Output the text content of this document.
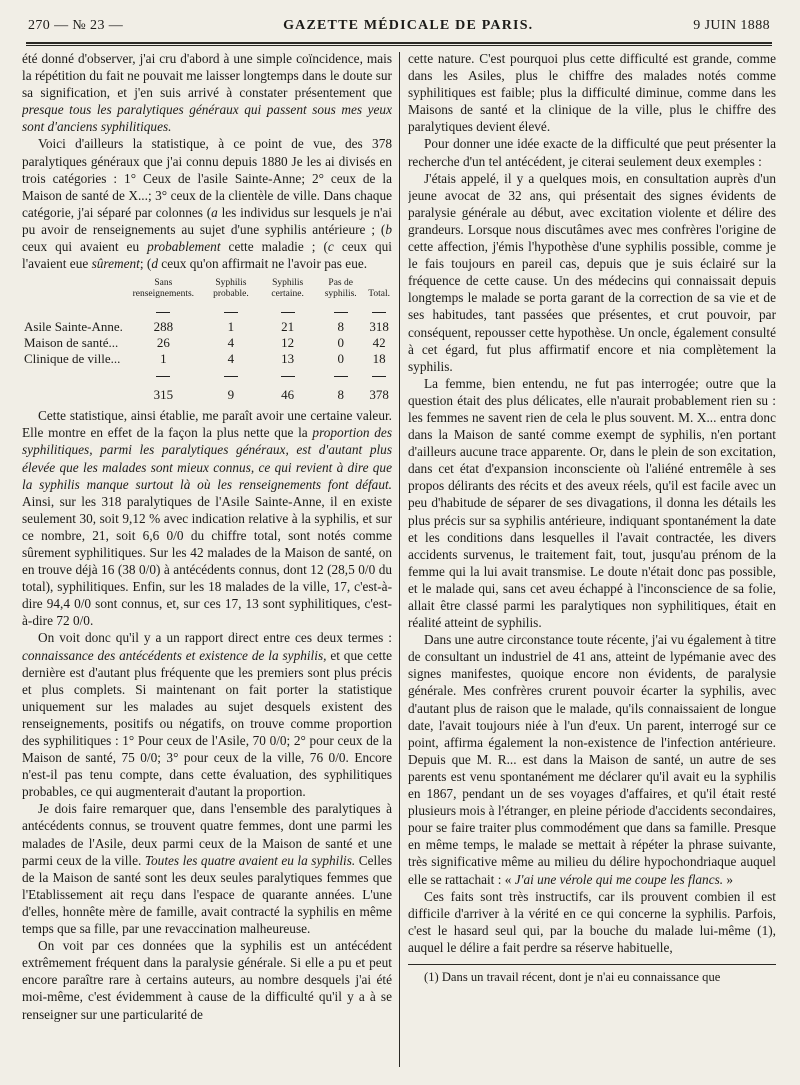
270 — № 23 —	GAZETTE MÉDICALE DE PARIS.	9 JUIN 1888

été donné d'observer, j'ai cru d'abord à une simple coïncidence, mais la répétition du fait ne pouvait me laisser longtemps dans le doute sur sa signification, et j'en suis arrivé à constater présentement que presque tous les paralytiques généraux qui passent sous mes yeux sont d'anciens syphilitiques.

Voici d'ailleurs la statistique, à ce point de vue, des 378 paralytiques généraux que j'ai connu depuis 1880 Je les ai divisés en trois catégories : 1° Ceux de l'asile Sainte-Anne; 2° ceux de la Maison de santé de X...; 3° ceux de la clientèle de ville. Dans chaque catégorie, j'ai séparé par colonnes (a les individus sur lesquels je n'ai pu avoir de renseignements au sujet d'une syphilis antérieure ; (b ceux qui avaient eu probablement cette maladie ; (c ceux qui l'avaient eue sûrement; (d ceux qu'on affirmait ne l'avoir pas eue.

	Sans renseignements.	Syphilis probable.	Syphilis certaine.	Pas de syphilis.	Total.

Asile Sainte-Anne.	288	1	21	8	318
Maison de santé...	26	4	12	0	42
Clinique de ville...	1	4	13	0	18

	315	9	46	8	378

Cette statistique, ainsi établie, me paraît avoir une certaine valeur. Elle montre en effet de la façon la plus nette que la proportion des syphilitiques, parmi les paralytiques généraux, est d'autant plus élevée que les malades sont mieux connus, ce qui revient à dire que la syphilis manque surtout là où les renseignements font défaut. Ainsi, sur les 318 paralytiques de l'Asile Sainte-Anne, il en existe seulement 30, soit 9,12 % avec indication relative à la syphilis, et sur ce nombre, 21, soit 6,6 0/0 du chiffre total, sont notés comme sûrement syphilitiques. Sur les 42 malades de la Maison de santé, on en trouve déjà 16 (38 0/0) à antécédents connus, dont 12 (28,5 0/0 du total), syphilitiques. Enfin, sur les 18 malades de la ville, 17, c'est-à-dire 94,4 0/0 sont connus, et, sur ces 17, 13 sont syphilitiques, c'est-à-dire 72 0/0.

On voit donc qu'il y a un rapport direct entre ces deux termes : connaissance des antécédents et existence de la syphilis, et que cette dernière est d'autant plus fréquente que les premiers sont plus précis et plus complets. Si maintenant on fait porter la statistique uniquement sur les malades au sujet desquels existent des renseignements, positifs ou négatifs, on trouve comme proportion des syphilitiques : 1° Pour ceux de l'Asile, 70 0/0; 2° pour ceux de la Maison de santé, 75 0/0; 3° pour ceux de la ville, 76 0/0. Encore n'est-il pas tenu compte, dans cette évaluation, des syphilitiques probables, ce qui augmenterait d'autant la proportion.

Je dois faire remarquer que, dans l'ensemble des paralytiques à antécédents connus, se trouvent quatre femmes, dont une parmi les malades de l'Asile, deux parmi ceux de la Maison de santé et une parmi ceux de la ville. Toutes les quatre avaient eu la syphilis. Celles de la Maison de santé sont les deux seules paralytiques femmes que l'Etablissement ait reçu dans l'espace de quarante années. L'une d'elles, honnête mère de famille, avait contracté la syphilis en même temps que sa fille, par une revaccination malheureuse.

On voit par ces données que la syphilis est un antécédent extrêmement fréquent dans la paralysie générale. Si elle a pu et peut encore paraître rare à certains auteurs, au nombre desquels j'ai été moi-même, c'est évidemment à cause de la difficulté qu'il y a à se renseigner sur une particularité de

cette nature. C'est pourquoi plus cette difficulté est grande, comme dans les Asiles, plus le chiffre des malades notés comme syphilitiques est faible; plus la difficulté diminue, comme dans les Maisons de santé et la clinique de la ville, plus le chiffre des paralytiques devient élevé.

Pour donner une idée exacte de la difficulté que peut présenter la recherche d'un tel antécédent, je citerai seulement deux exemples :

J'étais appelé, il y a quelques mois, en consultation auprès d'un jeune avocat de 32 ans, qui présentait des signes évidents de paralysie générale au début, avec excitation violente et délire des grandeurs. Lorsque nous discutâmes avec mes confrères l'origine de cette affection, j'émis l'hypothèse d'une syphilis possible, comme je le fais toujours en pareil cas, depuis que je suis éclairé sur la fréquence de cette cause. Un des médecins qui connaissait depuis longtemps le malade se porta garant de la correction de sa vie et de ses habitudes, tant passées que présentes, et crut pouvoir, par conséquent, repousser cette hypothèse. Un oncle, également consulté à cet égard, fut plus affirmatif encore et nia complètement la syphilis.

La femme, bien entendu, ne fut pas interrogée; outre que la question était des plus délicates, elle n'aurait probablement rien su : les femmes ne savent rien de cela le plus souvent. M. X... entra donc dans la Maison de santé comme exempt de syphilis, n'en portant d'ailleurs aucune trace apparente. Or, dans le plein de son excitation, dans cet état d'expansion inconsciente où l'aliéné entremêle à ses propos délirants des récits et des aveux réels, qu'il est facile avec un peu d'habitude de séparer de ses divagations, il donna les détails les plus précis sur sa syphilis antérieure, indiquant spontanément la date et les conditions dans lesquelles il l'avait contractée, les divers accidents survenus, le traitement fait, tout, jusqu'au prénom de la femme qui la lui avait transmise. Le doute n'était donc pas possible, et le malade qui, sans cet aveu échappé à l'inconscience de sa folie, allait être classé parmi les paralytiques non syphilitiques, était en réalité atteint de syphilis.

Dans une autre circonstance toute récente, j'ai vu également à titre de consultant un industriel de 41 ans, atteint de lypémanie avec des signes manifestes, quoique encore non évidents, de paralysie générale. Mes confrères crurent pouvoir écarter la syphilis, avec d'autant plus de raison que le malade, qu'ils connaissaient de longue date, l'avait toujours niée à l'un d'eux. Un parent, interrogé sur ce point, affirma également la non-existence de l'infection antérieure. Depuis que M. R... est dans la Maison de santé, un autre de ses parents est venu spontanément me déclarer qu'il avait eu la syphilis en 1867, pendant un de ses voyages d'affaires, et qu'il était resté plusieurs mois à l'étranger, en pleine période d'accidents secondaires, pour se faire traiter plus commodément que dans sa famille. Presque en même temps, le malade se mettait à répéter la phrase suivante, très significative même au milieu du délire hypochondriaque auquel elle se rattachait : « J'ai une vérole qui me coupe les flancs. »

Ces faits sont très instructifs, car ils prouvent combien il est difficile d'arriver à la vérité en ce qui concerne la syphilis. Parfois, c'est le hasard seul qui, par la bouche du malade lui-même (1), auquel le délire a fait perdre sa réserve habituelle,

(1) Dans un travail récent, dont je n'ai eu connaissance que
